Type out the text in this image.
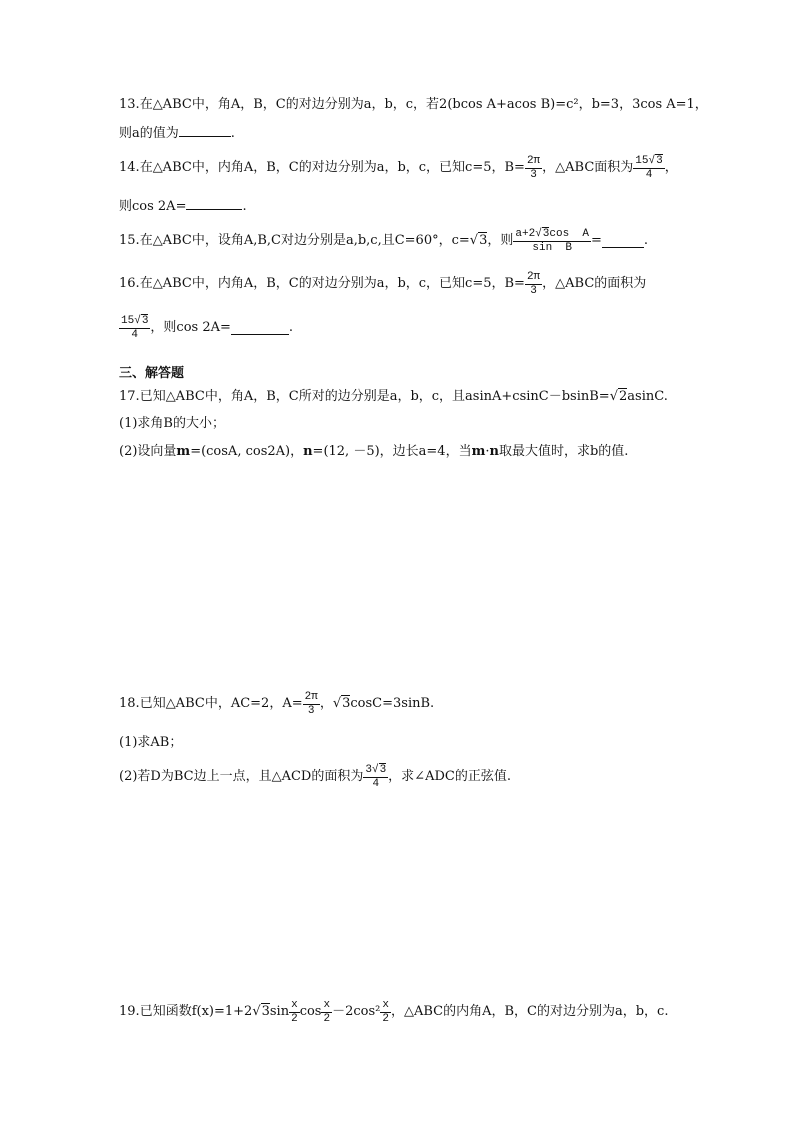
13.在△ABC中，角A，B，C的对边分别为a，b，c，若2(bcos A+acos B)=c²，b=3，3cos A=1，
则a的值为	.
14. 在△ABC中，内角A，B，C的对边分别为a，b，c，已知c=5，$B= \frac{2\pi}{3}$ ，△ABC面积为 $\frac{15√3}{4}$ ，
则cos 2A=	.
15. 在△ABC中，设角A,B,C对边分别是a,b,c,且C=60°，c= √3 ，则 $\frac{\text{a+2√3cos  A}}{\text{sin  B}}$ =	.
16. 在△ABC中，内角A，B，C的对边分别为a，b，c，已知c=5，$B= \frac{2\pi}{3}$ ，△ABC的面积为
$\frac{15√3}{4}$ ，则cos 2A=	.
三、解答题
17.已知△ABC中，角A，B，C所对的边分别是a，b，c，且asinA+csinC－bsinB=√2asinC.
(1)求角B的大小；
(2)设向量m=(cosA, cos2A)，n=(12, －5)，边长a=4，当m·n取最大值时，求b的值.
18. 已知△ABC中，AC=2，$A= \frac{2\pi}{3}$ ， √3 cosC=3sinB.
(1)求AB；
(2)若D为BC边上一点，且△ACD的面积为 $\frac{3√3}{4}$ ，求∠ADC的正弦值.
19. 已知函数f(x)=1+2 √3 $\sin \frac{x}{2}$ $\cos \frac{x}{2} -2\cos^2 \frac{x}{2}$ ，△ABC的内角A，B，C的对边分别为a，b，c.
